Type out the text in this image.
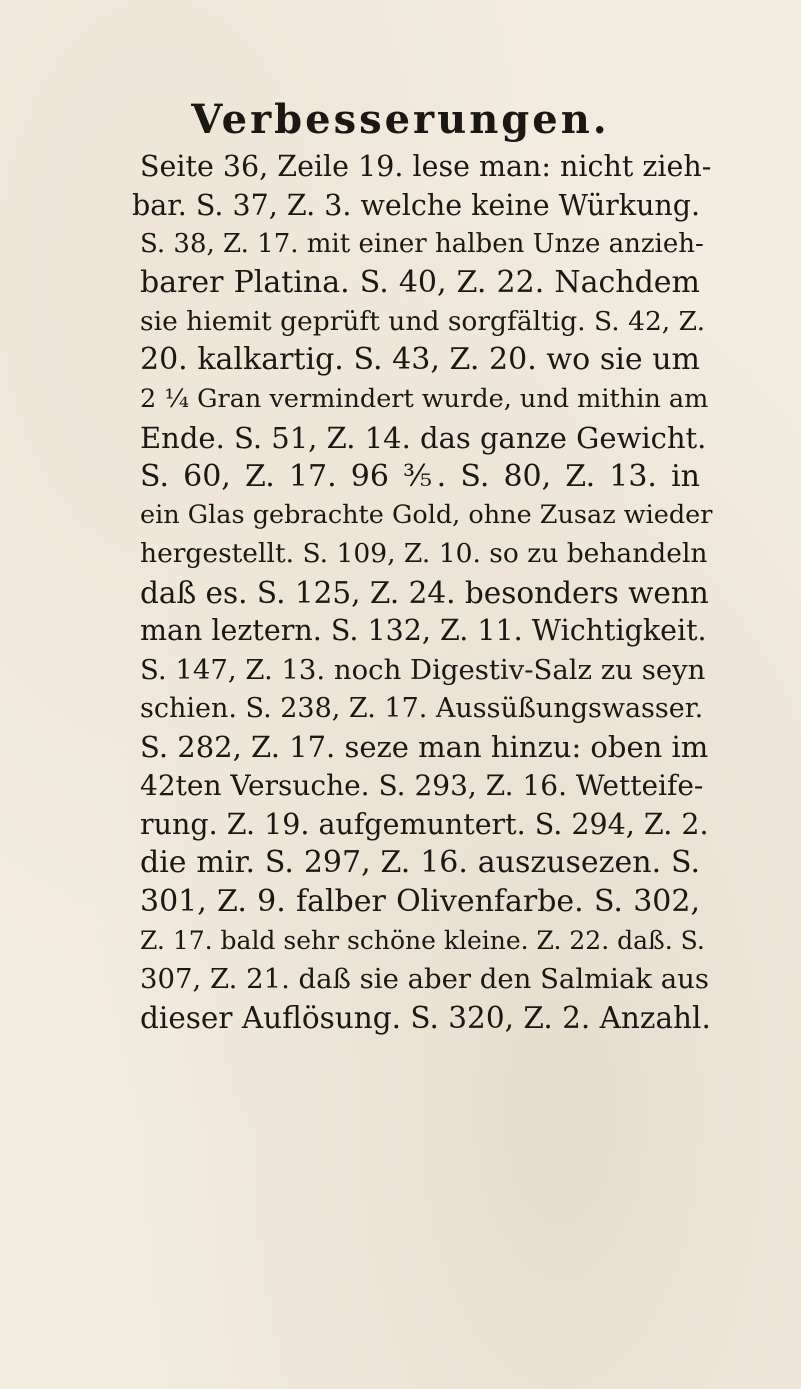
Verbesserungen.
Seite 36, Zeile 19. lese man: nicht zieh-
bar. S. 37, Z. 3. welche keine Würkung.
S. 38, Z. 17. mit einer halben Unze anzieh-
barer Platina. S. 40, Z. 22. Nachdem
sie hiemit geprüft und sorgfältig. S. 42, Z.
20. kalkartig. S. 43, Z. 20. wo sie um
2 ¼ Gran vermindert wurde, und mithin am
Ende. S. 51, Z. 14. das ganze Gewicht.
S. 60, Z. 17. 96 ⅗. S. 80, Z. 13. in
ein Glas gebrachte Gold, ohne Zusaz wieder
hergestellt. S. 109, Z. 10. so zu behandeln
daß es. S. 125, Z. 24. besonders wenn
man leztern. S. 132, Z. 11. Wichtigkeit.
S. 147, Z. 13. noch Digestiv-Salz zu seyn
schien. S. 238, Z. 17. Aussüßungswasser.
S. 282, Z. 17. seze man hinzu: oben im
42ten Versuche. S. 293, Z. 16. Wetteife-
rung. Z. 19. aufgemuntert. S. 294, Z. 2.
die mir. S. 297, Z. 16. auszusezen. S.
301, Z. 9. falber Olivenfarbe. S. 302,
Z. 17. bald sehr schöne kleine. Z. 22. daß. S.
307, Z. 21. daß sie aber den Salmiak aus
dieser Auflösung. S. 320, Z. 2. Anzahl.
